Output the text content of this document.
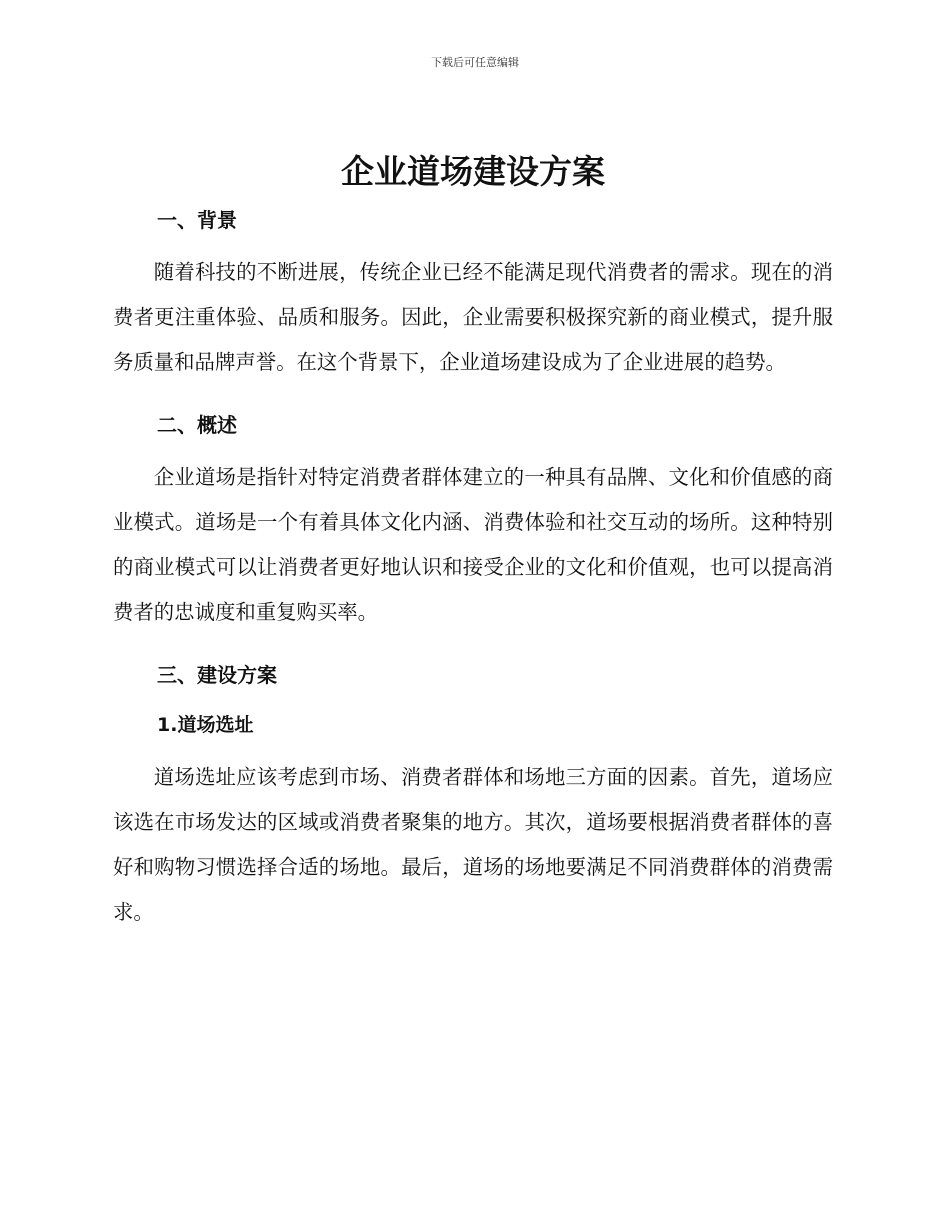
下载后可任意编辑
企业道场建设方案
一、背景

随着科技的不断进展，传统企业已经不能满足现代消费者的需求。现在的消费者更注重体验、品质和服务。因此，企业需要积极探究新的商业模式，提升服务质量和品牌声誉。在这个背景下，企业道场建设成为了企业进展的趋势。

二、概述

企业道场是指针对特定消费者群体建立的一种具有品牌、文化和价值感的商业模式。道场是一个有着具体文化内涵、消费体验和社交互动的场所。这种特别的商业模式可以让消费者更好地认识和接受企业的文化和价值观，也可以提高消费者的忠诚度和重复购买率。

三、建设方案
1.道场选址

道场选址应该考虑到市场、消费者群体和场地三方面的因素。首先，道场应该选在市场发达的区域或消费者聚集的地方。其次，道场要根据消费者群体的喜好和购物习惯选择合适的场地。最后，道场的场地要满足不同消费群体的消费需求。
